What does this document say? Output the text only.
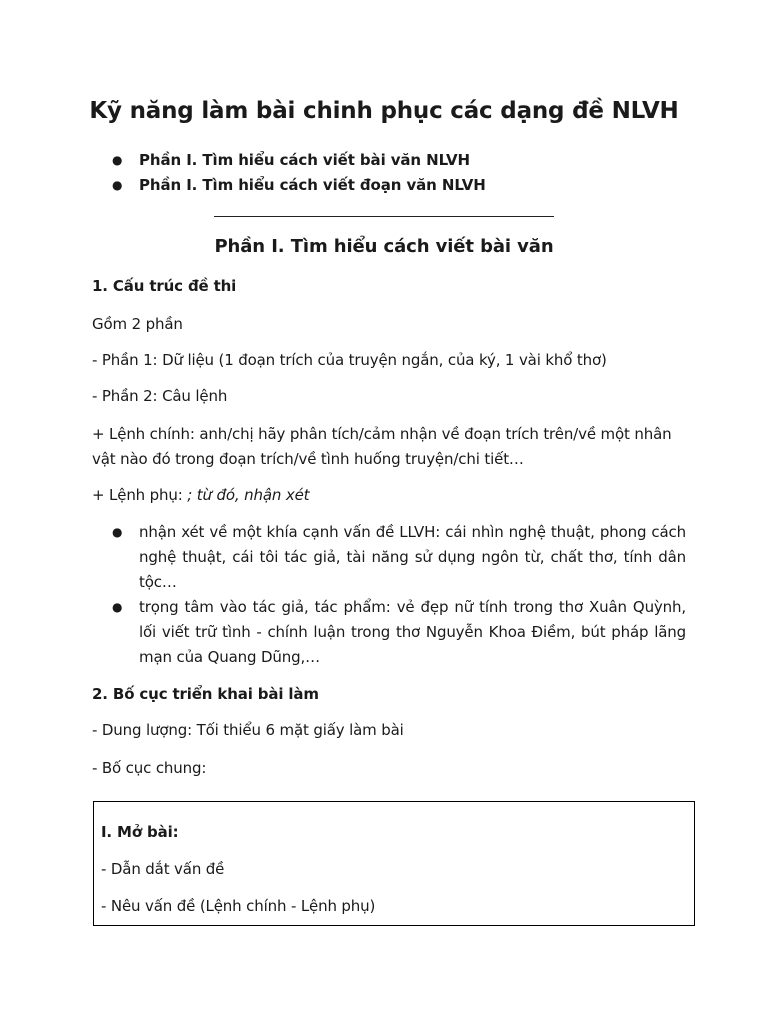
Kỹ năng làm bài chinh phục các dạng đề NLVH
● Phần I. Tìm hiểu cách viết bài văn NLVH
● Phần I. Tìm hiểu cách viết đoạn văn NLVH
Phần I. Tìm hiểu cách viết bài văn
1. Cấu trúc đề thi
Gồm 2 phần
- Phần 1: Dữ liệu (1 đoạn trích của truyện ngắn, của ký, 1 vài khổ thơ)
- Phần 2: Câu lệnh
+ Lệnh chính: anh/chị hãy phân tích/cảm nhận về đoạn trích trên/về một nhân vật nào đó trong đoạn trích/về tình huống truyện/chi tiết…
+ Lệnh phụ: ; từ đó, nhận xét
● nhận xét về một khía cạnh vấn đề LLVH: cái nhìn nghệ thuật, phong cách nghệ thuật, cái tôi tác giả, tài năng sử dụng ngôn từ, chất thơ, tính dân tộc…
● trọng tâm vào tác giả, tác phẩm: vẻ đẹp nữ tính trong thơ Xuân Quỳnh, lối viết trữ tình - chính luận trong thơ Nguyễn Khoa Điềm, bút pháp lãng mạn của Quang Dũng,…
2. Bố cục triển khai bài làm
- Dung lượng: Tối thiểu 6 mặt giấy làm bài
- Bố cục chung:
I. Mở bài:
- Dẫn dắt vấn đề
- Nêu vấn đề (Lệnh chính - Lệnh phụ)
